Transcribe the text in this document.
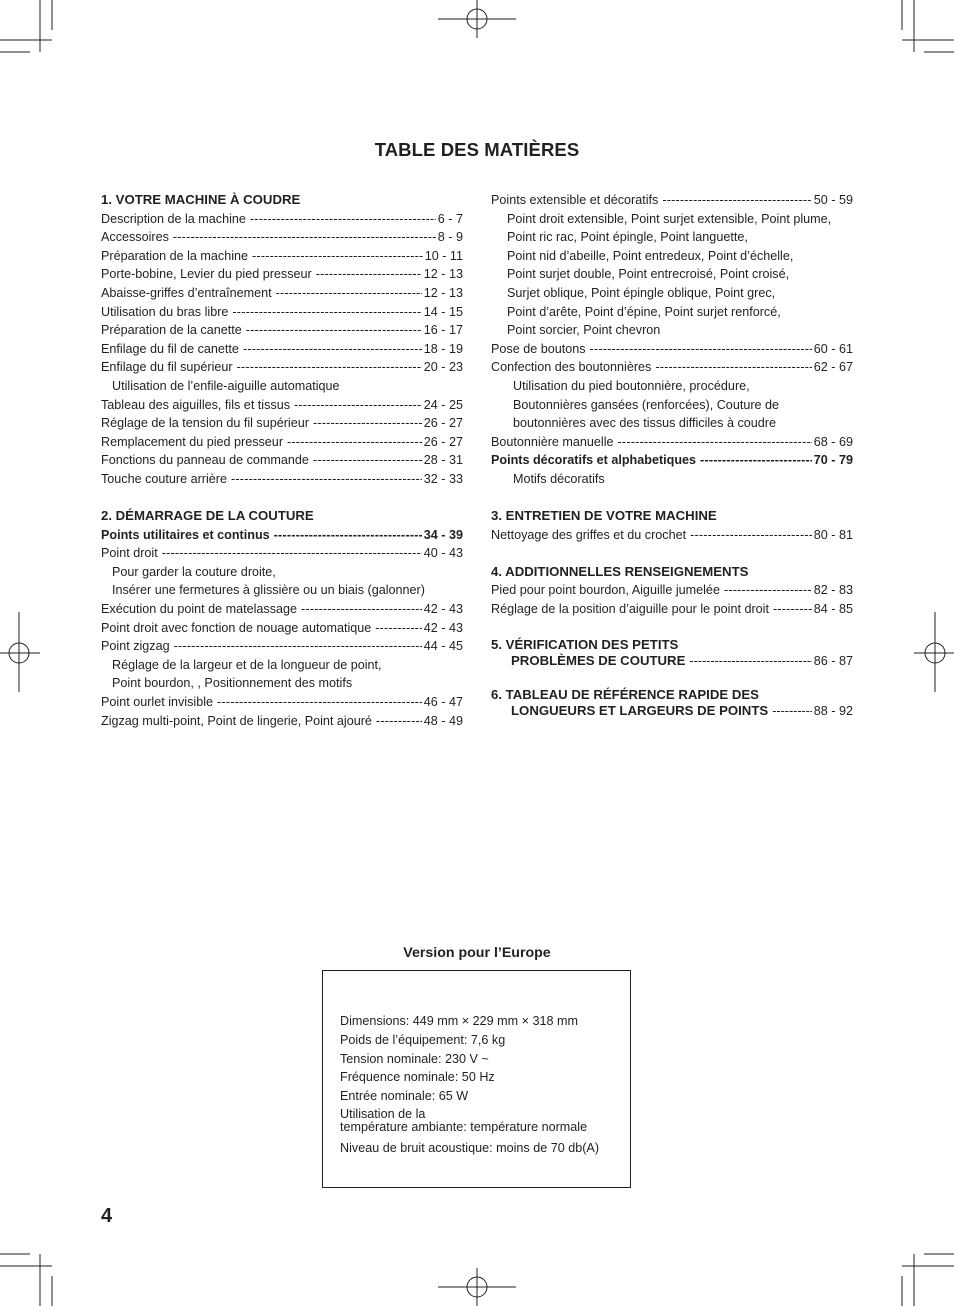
TABLE DES MATIÈRES
1. VOTRE MACHINE À COUDRE
Description de la machine -----	6 - 7
Accessoires -----	8 - 9
Préparation de la machine -----	10 - 11
Porte-bobine, Levier du pied presseur -----	12 - 13
Abaisse-griffes d’entraînement -----	12 - 13
Utilisation du bras libre -----	14 - 15
Préparation de la canette -----	16 - 17
Enfilage du fil de canette -----	18 - 19
Enfilage du fil supérieur -----	20 - 23
Utilisation de l’enfile-aiguille automatique
Tableau des aiguilles, fils et tissus -----	24 - 25
Réglage de la tension du fil supérieur -----	26 - 27
Remplacement du pied presseur -----	26 - 27
Fonctions du panneau de commande -----	28 - 31
Touche couture arrière -----	32 - 33
2. DÉMARRAGE DE LA COUTURE
Points utilitaires et continus -----	34 - 39
Point droit -----	40 - 43
Pour garder la couture droite,
Insérer une fermetures à glissière ou un biais (galonner)
Exécution du point de matelassage -----	42 - 43
Point droit avec fonction de nouage automatique -----	42 - 43
Point zigzag -----	44 - 45
Réglage de la largeur et de la longueur de point,
Point bourdon, , Positionnement des motifs
Point ourlet invisible -----	46 - 47
Zigzag multi-point, Point de lingerie, Point ajouré -----	48 - 49
Points extensible et décoratifs -----	50 - 59
Point droit extensible, Point surjet extensible, Point plume,
Point ric rac, Point épingle, Point languette,
Point nid d’abeille, Point entredeux, Point d’échelle,
Point surjet double, Point entrecroisé, Point croisé,
Surjet oblique, Point épingle oblique, Point grec,
Point d’arête, Point d’épine, Point surjet renforcé,
Point sorcier, Point chevron
Pose de boutons -----	60 - 61
Confection des boutonnières -----	62 - 67
Utilisation du pied boutonnière, procédure,
Boutonnières gansées (renforcées), Couture de
boutonnières avec des tissus difficiles à coudre
Boutonnière manuelle -----	68 - 69
Points décoratifs et alphabetiques -----	70 - 79
Motifs décoratifs
3. ENTRETIEN DE VOTRE MACHINE
Nettoyage des griffes et du crochet -----	80 - 81
4. ADDITIONNELLES RENSEIGNEMENTS
Pied pour point bourdon, Aiguille jumelée -----	82 - 83
Réglage de la position d’aiguille pour le point droit -----	84 - 85
5. VÉRIFICATION DES PETITS
PROBLÈMES DE COUTURE -----	86 - 87
6. TABLEAU DE RÉFÉRENCE RAPIDE DES
LONGUEURS ET LARGEURS DE POINTS -----	88 - 92
Version pour l’Europe
Dimensions: 449 mm × 229 mm × 318 mm
Poids de l’équipement: 7,6 kg
Tension nominale: 230 V ~
Fréquence nominale: 50 Hz
Entrée nominale: 65 W
Utilisation de la
température ambiante: température normale
Niveau de bruit acoustique: moins de 70 db(A)
4
